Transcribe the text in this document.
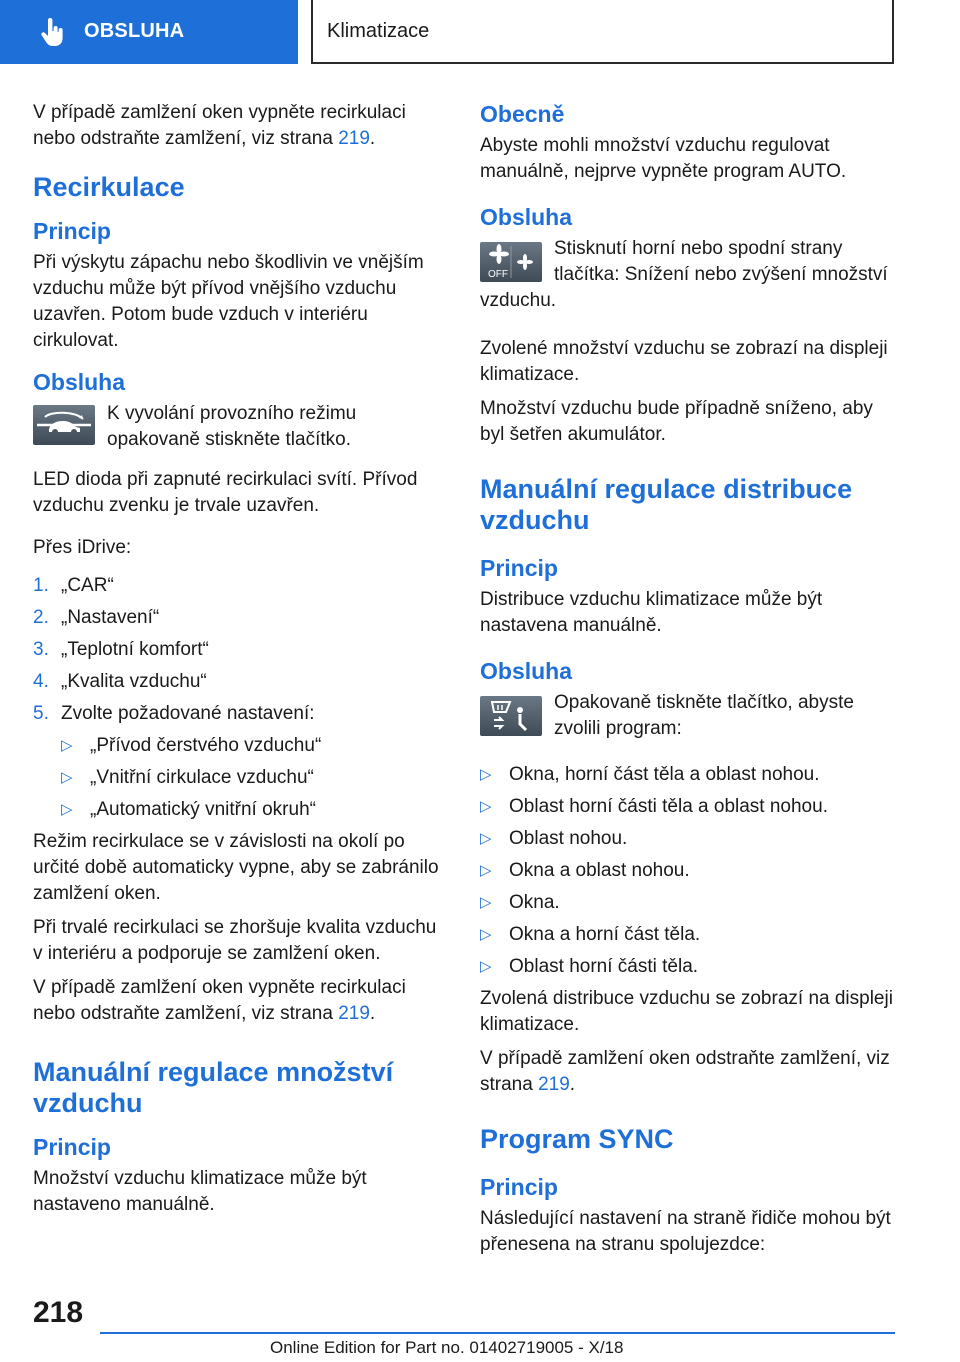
OBSLUHA	Klimatizace

V případě zamlžení oken vypněte recirkulaci nebo odstraňte zamlžení, viz strana 219.

Recirkulace
Princip

Při výskytu zápachu nebo škodlivin ve vnějším vzduchu může být přívod vnějšího vzduchu uzavřen. Potom bude vzduch v interiéru cirkulovat.

Obsluha

K vyvolání provozního režimu opakovaně stiskněte tlačítko.

LED dioda při zapnuté recirkulaci svítí. Přívod vzduchu zvenku je trvale uzavřen.

Přes iDrive:

1. „CAR“
2. „Nastavení“
3. „Teplotní komfort“
4. „Kvalita vzduchu“
5. Zvolte požadované nastavení:
▷ „Přívod čerstvého vzduchu“
▷ „Vnitřní cirkulace vzduchu“
▷ „Automatický vnitřní okruh“

Režim recirkulace se v závislosti na okolí po určité době automaticky vypne, aby se zabránilo zamlžení oken.

Při trvalé recirkulaci se zhoršuje kvalita vzduchu v interiéru a podporuje se zamlžení oken.

V případě zamlžení oken vypněte recirkulaci nebo odstraňte zamlžení, viz strana 219.

Manuální regulace množství vzduchu
Princip

Množství vzduchu klimatizace může být nastaveno manuálně.

Obecně

Abyste mohli množství vzduchu regulovat manuálně, nejprve vypněte program AUTO.

Obsluha
OFF

Stisknutí horní nebo spodní strany tlačítka: Snížení nebo zvýšení množství vzduchu.

Zvolené množství vzduchu se zobrazí na displeji klimatizace.

Množství vzduchu bude případně sníženo, aby byl šetřen akumulátor.

Manuální regulace distribuce vzduchu
Princip

Distribuce vzduchu klimatizace může být nastavena manuálně.

Obsluha

Opakovaně tiskněte tlačítko, abyste zvolili program:

▷ Okna, horní část těla a oblast nohou.
▷ Oblast horní části těla a oblast nohou.
▷ Oblast nohou.
▷ Okna a oblast nohou.
▷ Okna.
▷ Okna a horní část těla.
▷ Oblast horní části těla.

Zvolená distribuce vzduchu se zobrazí na displeji klimatizace.

V případě zamlžení oken odstraňte zamlžení, viz strana 219.

Program SYNC
Princip

Následující nastavení na straně řidiče mohou být přenesena na stranu spolujezdce:

218
Online Edition for Part no. 01402719005 - X/18
